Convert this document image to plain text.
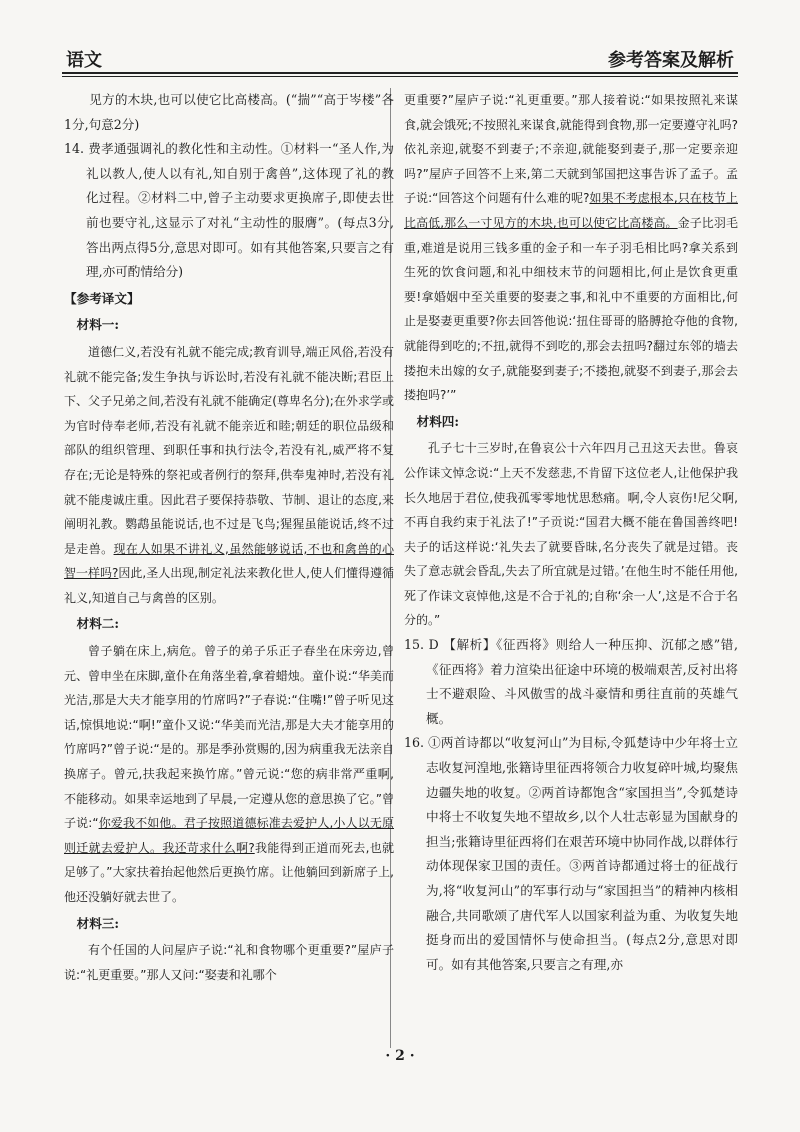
语文	参考答案及解析

见方的木块,也可以使它比高楼高。(“揣”“高于岑楼”各1分,句意2分)

14. 费孝通强调礼的教化性和主动性。①材料一“圣人作,为礼以教人,使人以有礼,知自别于禽兽”,这体现了礼的教化过程。②材料二中,曾子主动要求更换席子,即使去世前也要守礼,这显示了对礼“主动性的服膺”。(每点3分,答出两点得5分,意思对即可。如有其他答案,只要言之有理,亦可酌情给分)

【参考译文】

材料一:

道德仁义,若没有礼就不能完成;教育训导,端正风俗,若没有礼就不能完备;发生争执与诉讼时,若没有礼就不能决断;君臣上下、父子兄弟之间,若没有礼就不能确定(尊卑名分);在外求学或为官时侍奉老师,若没有礼就不能亲近和睦;朝廷的职位品级和部队的组织管理、到职任事和执行法令,若没有礼,威严将不复存在;无论是特殊的祭祀或者例行的祭拜,供奉鬼神时,若没有礼就不能虔诚庄重。因此君子要保持恭敬、节制、退让的态度,来阐明礼教。鹦鹉虽能说话,也不过是飞鸟;猩猩虽能说话,终不过是走兽。现在人如果不讲礼义,虽然能够说话,不也和禽兽的心智一样吗?因此,圣人出现,制定礼法来教化世人,使人们懂得遵循礼义,知道自己与禽兽的区别。

材料二:

曾子躺在床上,病危。曾子的弟子乐正子春坐在床旁边,曾元、曾申坐在床脚,童仆在角落坐着,拿着蜡烛。童仆说:“华美而光洁,那是大夫才能享用的竹席吗?”子春说:“住嘴!”曾子听见这话,惊惧地说:“啊!”童仆又说:“华美而光洁,那是大夫才能享用的竹席吗?”曾子说:“是的。那是季孙赏赐的,因为病重我无法亲自换席子。曾元,扶我起来换竹席。”曾元说:“您的病非常严重啊,不能移动。如果幸运地到了早晨,一定遵从您的意思换了它。”曾子说:“你爱我不如他。君子按照道德标准去爱护人,小人以无原则迁就去爱护人。我还苛求什么啊?我能得到正道而死去,也就足够了。”大家扶着抬起他然后更换竹席。让他躺回到新席子上,他还没躺好就去世了。

材料三:

有个任国的人问屋庐子说:“礼和食物哪个更重要?”屋庐子说:“礼更重要。”那人又问:“娶妻和礼哪个

更重要?”屋庐子说:“礼更重要。”那人接着说:“如果按照礼来谋食,就会饿死;不按照礼来谋食,就能得到食物,那一定要遵守礼吗?依礼亲迎,就娶不到妻子;不亲迎,就能娶到妻子,那一定要亲迎吗?”屋庐子回答不上来,第二天就到邹国把这事告诉了孟子。孟子说:“回答这个问题有什么难的呢?如果不考虑根本,只在枝节上比高低,那么一寸见方的木块,也可以使它比高楼高。金子比羽毛重,难道是说用三钱多重的金子和一车子羽毛相比吗?拿关系到生死的饮食问题,和礼中细枝末节的问题相比,何止是饮食更重要!拿婚姻中至关重要的娶妻之事,和礼中不重要的方面相比,何止是娶妻更重要?你去回答他说:‘扭住哥哥的胳膊抢夺他的食物,就能得到吃的;不扭,就得不到吃的,那会去扭吗?翻过东邻的墙去搂抱未出嫁的女子,就能娶到妻子;不搂抱,就娶不到妻子,那会去搂抱吗?’”

材料四:

孔子七十三岁时,在鲁哀公十六年四月己丑这天去世。鲁哀公作诔文悼念说:“上天不发慈悲,不肯留下这位老人,让他保护我长久地居于君位,使我孤零零地忧思愁痛。啊,令人哀伤!尼父啊,不再自我约束于礼法了!”子贡说:“国君大概不能在鲁国善终吧!夫子的话这样说:‘礼失去了就要昏昧,名分丧失了就是过错。丧失了意志就会昏乱,失去了所宜就是过错。’在他生时不能任用他,死了作诔文哀悼他,这是不合于礼的;自称‘余一人’,这是不合于名分的。”

15. D 【解析】《征西将》则给人一种压抑、沉郁之感”错,《征西将》着力渲染出征途中环境的极端艰苦,反衬出将士不避艰险、斗风傲雪的战斗豪情和勇往直前的英雄气概。

16. ①两首诗都以“收复河山”为目标,令狐楚诗中少年将士立志收复河湟地,张籍诗里征西将领合力收复碎叶城,均聚焦边疆失地的收复。②两首诗都饱含“家国担当”,令狐楚诗中将士不收复失地不望故乡,以个人壮志彰显为国献身的担当;张籍诗里征西将们在艰苦环境中协同作战,以群体行动体现保家卫国的责任。③两首诗都通过将士的征战行为,将“收复河山”的军事行动与“家国担当”的精神内核相融合,共同歌颂了唐代军人以国家利益为重、为收复失地挺身而出的爱国情怀与使命担当。(每点2分,意思对即可。如有其他答案,只要言之有理,亦

· 2 ·
